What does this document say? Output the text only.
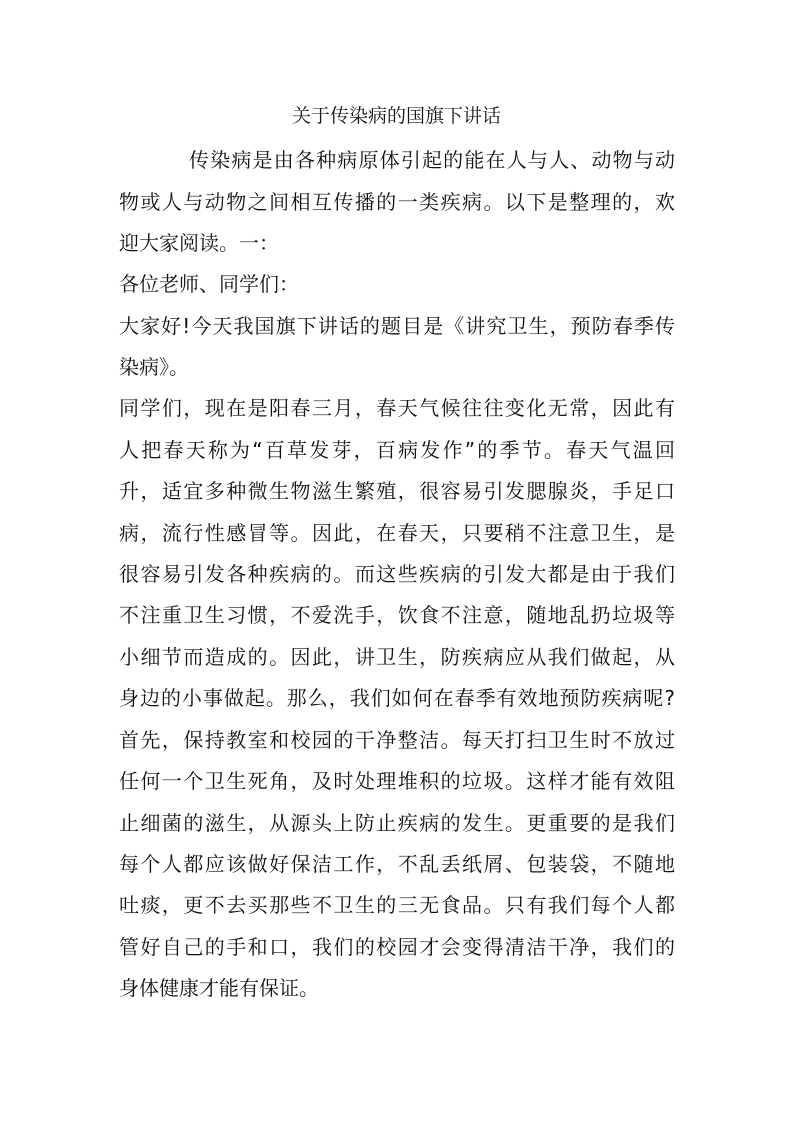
关于传染病的国旗下讲话
传染病是由各种病原体引起的能在人与人、动物与动
物或人与动物之间相互传播的一类疾病。以下是整理的，欢
迎大家阅读。一：
各位老师、同学们：
大家好!今天我国旗下讲话的题目是《讲究卫生，预防春季传
染病》。
同学们，现在是阳春三月，春天气候往往变化无常，因此有
人把春天称为“百草发芽，百病发作”的季节。春天气温回
升，适宜多种微生物滋生繁殖，很容易引发腮腺炎，手足口
病，流行性感冒等。因此，在春天，只要稍不注意卫生，是
很容易引发各种疾病的。而这些疾病的引发大都是由于我们
不注重卫生习惯，不爱洗手，饮食不注意，随地乱扔垃圾等
小细节而造成的。因此，讲卫生，防疾病应从我们做起，从
身边的小事做起。那么，我们如何在春季有效地预防疾病呢?
首先，保持教室和校园的干净整洁。每天打扫卫生时不放过
任何一个卫生死角，及时处理堆积的垃圾。这样才能有效阻
止细菌的滋生，从源头上防止疾病的发生。更重要的是我们
每个人都应该做好保洁工作，不乱丢纸屑、包装袋，不随地
吐痰，更不去买那些不卫生的三无食品。只有我们每个人都
管好自己的手和口，我们的校园才会变得清洁干净，我们的
身体健康才能有保证。
